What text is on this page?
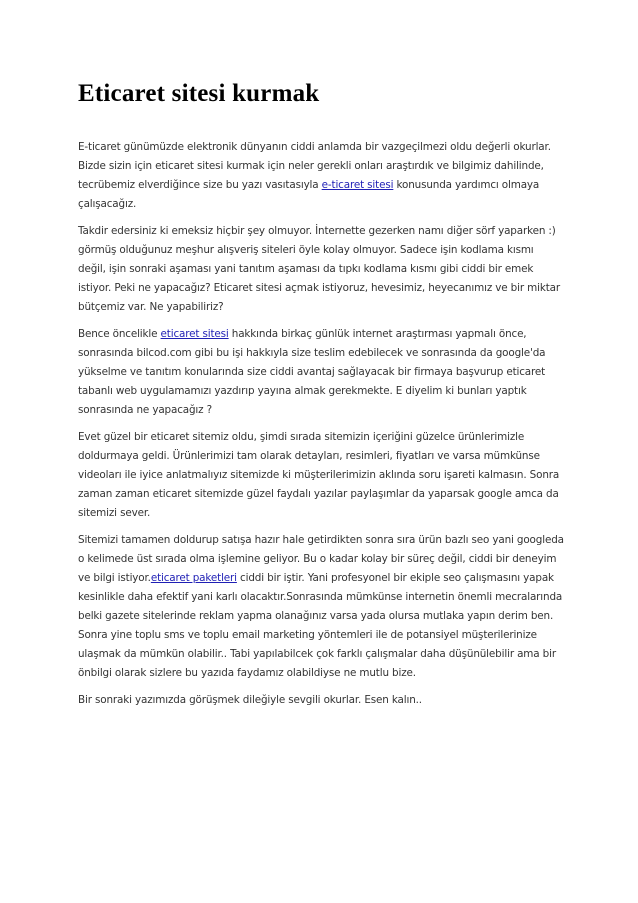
Eticaret sitesi kurmak

E-ticaret günümüzde elektronik dünyanın ciddi anlamda bir vazgeçilmezi oldu değerli okurlar. Bizde sizin için eticaret sitesi kurmak için neler gerekli onları araştırdık ve bilgimiz dahilinde, tecrübemiz elverdiğince size bu yazı vasıtasıyla e-ticaret sitesi konusunda yardımcı olmaya çalışacağız.

Takdir edersiniz ki emeksiz hiçbir şey olmuyor. İnternette gezerken namı diğer sörf yaparken :) görmüş olduğunuz meşhur alışveriş siteleri öyle kolay olmuyor. Sadece işin kodlama kısmı değil, işin sonraki aşaması yani tanıtım aşaması da tıpkı kodlama kısmı gibi ciddi bir emek istiyor. Peki ne yapacağız? Eticaret sitesi açmak istiyoruz, hevesimiz, heyecanımız ve bir miktar bütçemiz var. Ne yapabiliriz?

Bence öncelikle eticaret sitesi hakkında birkaç günlük internet araştırması yapmalı önce, sonrasında bilcod.com gibi bu işi hakkıyla size teslim edebilecek ve sonrasında da google'da yükselme ve tanıtım konularında size ciddi avantaj sağlayacak bir firmaya başvurup eticaret tabanlı web uygulamamızı yazdırıp yayına almak gerekmekte. E diyelim ki bunları yaptık sonrasında ne yapacağız ?

Evet güzel bir eticaret sitemiz oldu, şimdi sırada sitemizin içeriğini güzelce ürünlerimizle doldurmaya geldi. Ürünlerimizi tam olarak detayları, resimleri, fiyatları ve varsa mümkünse videoları ile iyice anlatmalıyız sitemizde ki müşterilerimizin aklında soru işareti kalmasın. Sonra zaman zaman eticaret sitemizde güzel faydalı yazılar paylaşımlar da yaparsak google amca da sitemizi sever.

Sitemizi tamamen doldurup satışa hazır hale getirdikten sonra sıra ürün bazlı seo yani googleda o kelimede üst sırada olma işlemine geliyor. Bu o kadar kolay bir süreç değil, ciddi bir deneyim ve bilgi istiyor.eticaret paketleri ciddi bir iştir. Yani profesyonel bir ekiple seo çalışmasını yapak kesinlikle daha efektif yani karlı olacaktır.Sonrasında mümkünse internetin önemli mecralarında belki gazete sitelerinde reklam yapma olanağınız varsa yada olursa mutlaka yapın derim ben. Sonra yine toplu sms ve toplu email marketing yöntemleri ile de potansiyel müşterilerinize ulaşmak da mümkün olabilir.. Tabi yapılabilcek çok farklı çalışmalar daha düşünülebilir ama bir önbilgi olarak sizlere bu yazıda faydamız olabildiyse ne mutlu bize.

Bir sonraki yazımızda görüşmek dileğiyle sevgili okurlar. Esen kalın..
